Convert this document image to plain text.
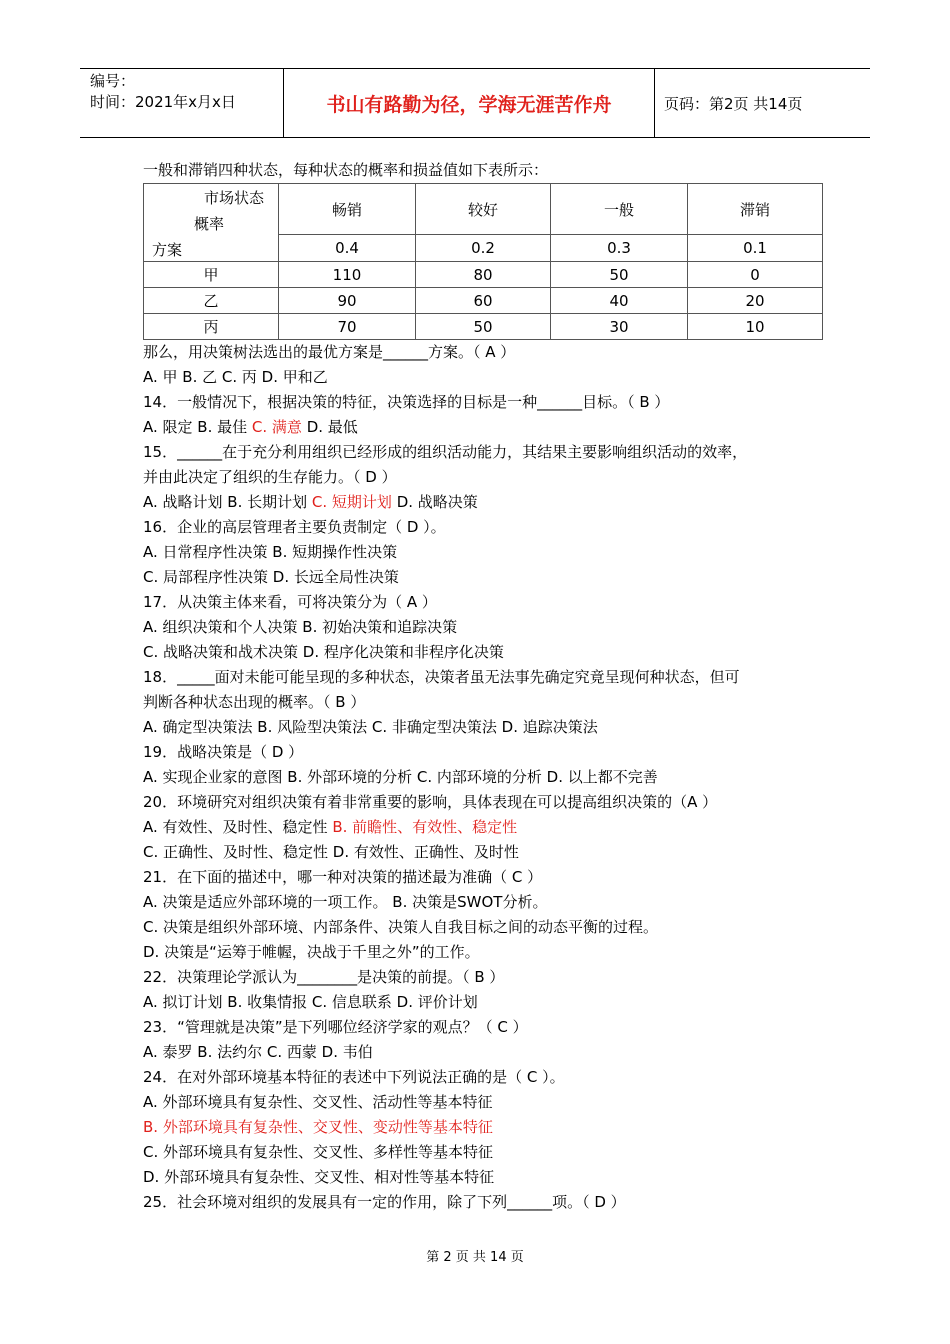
编号：
时间：2021年x月x日	书山有路勤为径，学海无涯苦作舟	页码：第2页 共14页
一般和滞销四种状态，每种状态的概率和损益值如下表所示：
市场状态
概率
方案	畅销	较好	一般	滞销
	0.4	0.2	0.3	0.1
甲	110	80	50	0
乙	90	60	40	20
丙	70	50	30	10
那么，用决策树法选出的最优方案是______方案。（ A ）
A. 甲 B. 乙 C. 丙 D. 甲和乙
14．一般情况下，根据决策的特征，决策选择的目标是一种______目标。（ B ）
A. 限定 B. 最佳 C. 满意 D. 最低
15．______在于充分利用组织已经形成的组织活动能力，其结果主要影响组织活动的效率，
并由此决定了组织的生存能力。（ D ）
A. 战略计划 B. 长期计划 C. 短期计划 D. 战略决策
16．企业的高层管理者主要负责制定（ D ）。
A. 日常程序性决策 B. 短期操作性决策
C. 局部程序性决策 D. 长远全局性决策
17．从决策主体来看，可将决策分为（ A ）
A. 组织决策和个人决策 B. 初始决策和追踪决策
C. 战略决策和战术决策 D. 程序化决策和非程序化决策
18．_____面对未能可能呈现的多种状态，决策者虽无法事先确定究竟呈现何种状态，但可
判断各种状态出现的概率。（ B ）
A. 确定型决策法 B. 风险型决策法 C. 非确定型决策法 D. 追踪决策法
19．战略决策是（ D ）
A. 实现企业家的意图 B. 外部环境的分析 C. 内部环境的分析 D. 以上都不完善
20．环境研究对组织决策有着非常重要的影响，具体表现在可以提高组织决策的（A ）
A. 有效性、及时性、稳定性 B. 前瞻性、有效性、稳定性
C. 正确性、及时性、稳定性 D. 有效性、正确性、及时性
21．在下面的描述中，哪一种对决策的描述最为准确（ C ）
A. 决策是适应外部环境的一项工作。 B. 决策是SWOT分析。
C. 决策是组织外部环境、内部条件、决策人自我目标之间的动态平衡的过程。
D. 决策是“运筹于帷幄，决战于千里之外”的工作。
22．决策理论学派认为________是决策的前提。（ B ）
A. 拟订计划 B. 收集情报 C. 信息联系 D. 评价计划
23．“管理就是决策”是下列哪位经济学家的观点？（ C ）
A. 泰罗 B. 法约尔 C. 西蒙 D. 韦伯
24．在对外部环境基本特征的表述中下列说法正确的是（ C ）。
A. 外部环境具有复杂性、交叉性、活动性等基本特征
B. 外部环境具有复杂性、交叉性、变动性等基本特征
C. 外部环境具有复杂性、交叉性、多样性等基本特征
D. 外部环境具有复杂性、交叉性、相对性等基本特征
25．社会环境对组织的发展具有一定的作用，除了下列______项。（ D ）
第 2 页 共 14 页
